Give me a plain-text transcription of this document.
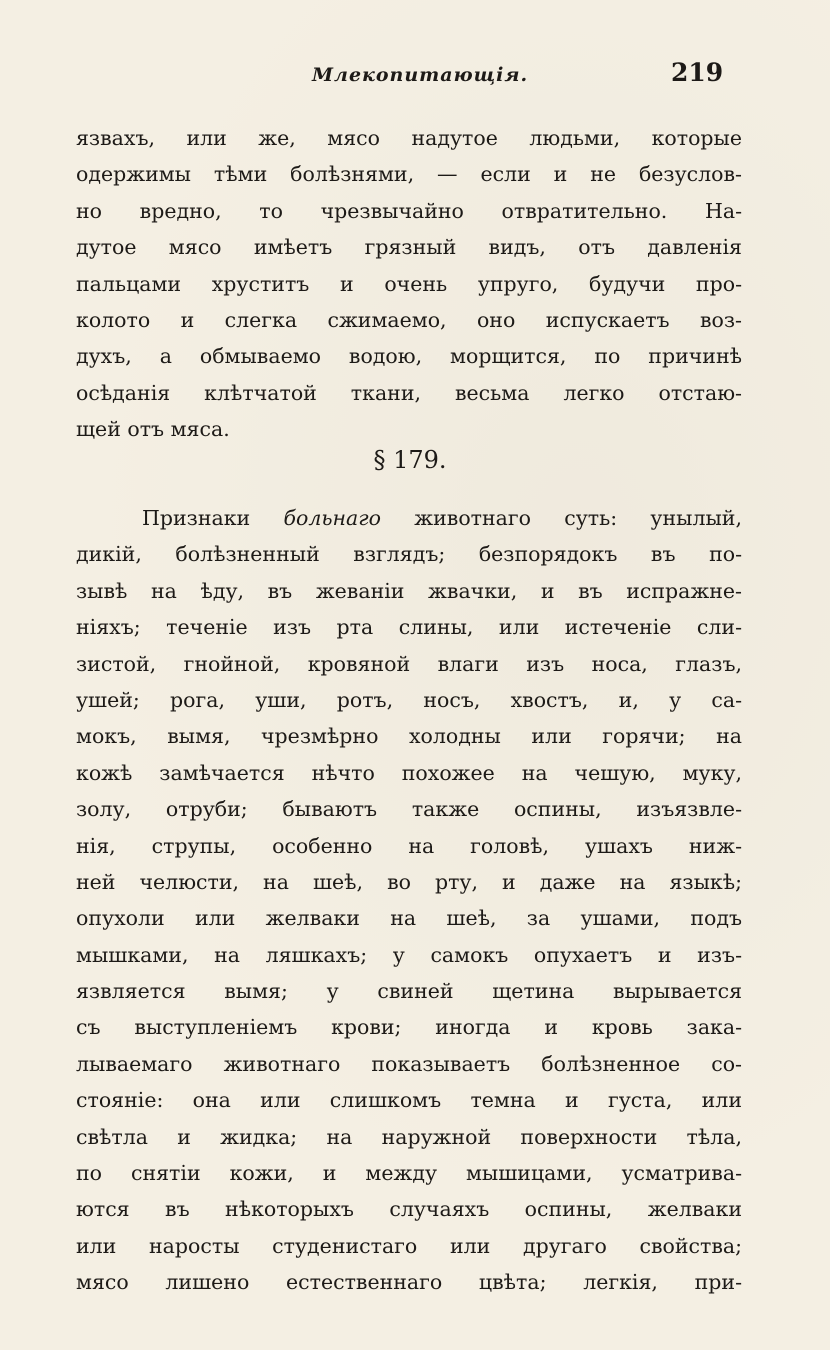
Млекопитающія.	219
язвахъ, или же, мясо надутое людьми, которые
одержимы тѣми болѣзнями, — если и не безуслов-
но вредно, то чрезвычайно отвратительно. На-
дутое мясо имѣетъ грязный видъ, отъ давленія
пальцами хруститъ и очень упруго, будучи про-
колото и слегка сжимаемо, оно испускаетъ воз-
духъ, а обмываемо водою, морщится, по причинѣ
осѣданія клѣтчатой ткани, весьма легко отстаю-
щей отъ мяса.
§ 179.
Признаки больнаго животнаго суть: унылый,
дикій, болѣзненный взглядъ; безпорядокъ въ по-
зывѣ на ѣду, въ жеваніи жвачки, и въ испражне-
ніяхъ; теченіе изъ рта слины, или истеченіе сли-
зистой, гнойной, кровяной влаги изъ носа, глазъ,
ушей; рога, уши, ротъ, носъ, хвостъ, и, у са-
мокъ, вымя, чрезмѣрно холодны или горячи; на
кожѣ замѣчается нѣчто похожее на чешую, муку,
золу, отруби; бываютъ также оспины, изъязвле-
нія, струпы, особенно на головѣ, ушахъ ниж-
ней челюсти, на шеѣ, во рту, и даже на языкѣ;
опухоли или желваки на шеѣ, за ушами, подъ
мышками, на ляшкахъ; у самокъ опухаетъ и изъ-
язвляется вымя; у свиней щетина вырывается
съ выступленіемъ крови; иногда и кровь зака-
лываемаго животнаго показываетъ болѣзненное со-
стояніе: она или слишкомъ темна и густа, или
свѣтла и жидка; на наружной поверхности тѣла,
по снятіи кожи, и между мышицами, усматрива-
ются въ нѣкоторыхъ случаяхъ оспины, желваки
или наросты студенистаго или другаго свойства;
мясо лишено естественнаго цвѣта; легкія, при-
